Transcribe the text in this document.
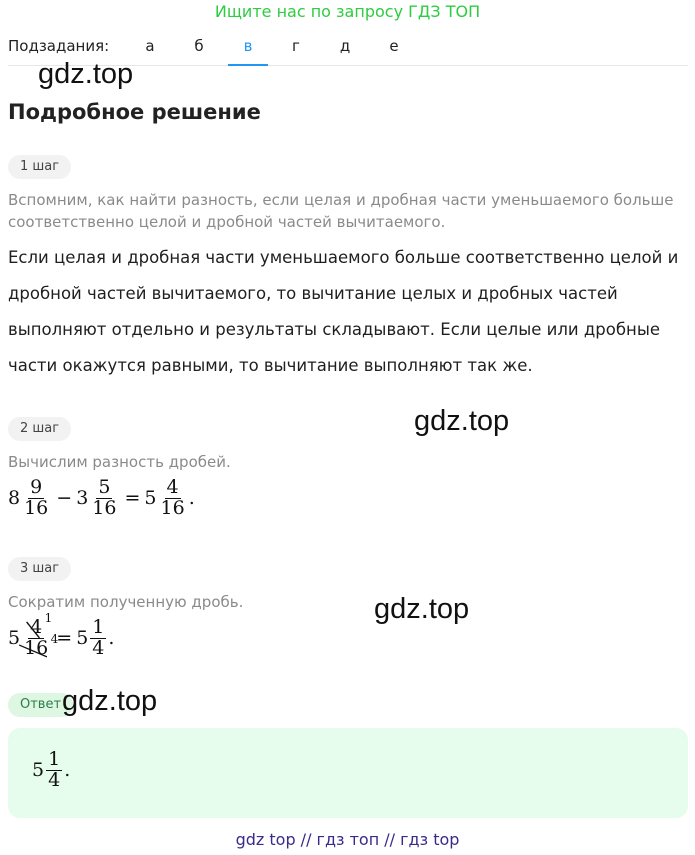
Ищите нас по запросу ГДЗ ТОП
Подзадания:	а	б	в	г	д	е
gdz.top
Подробное решение
1 шаг
Вспомним, как найти разность, если целая и дробная части уменьшаемого больше соответственно целой и дробной частей вычитаемого.
Если целая и дробная части уменьшаемого больше соответственно целой и дробной частей вычитаемого, то вычитание целых и дробных частей выполняют отдельно и результаты складывают. Если целые или дробные части окажутся равными, то вычитание выполняют так же.
2 шаг	gdz.top
Вычислим разность дробей.
$8 \frac{9}{16} - 3 \frac{5}{16} = 5 \frac{4}{16}$ .
3 шаг
gdz.top
Сократим полученную дробь.
$5 \frac{4 1}{16 4} = 5 \frac{1}{4}$ .
Ответ gdz.top
$5 \frac{1}{4}$ .
gdz top // гдз топ // гдз top
